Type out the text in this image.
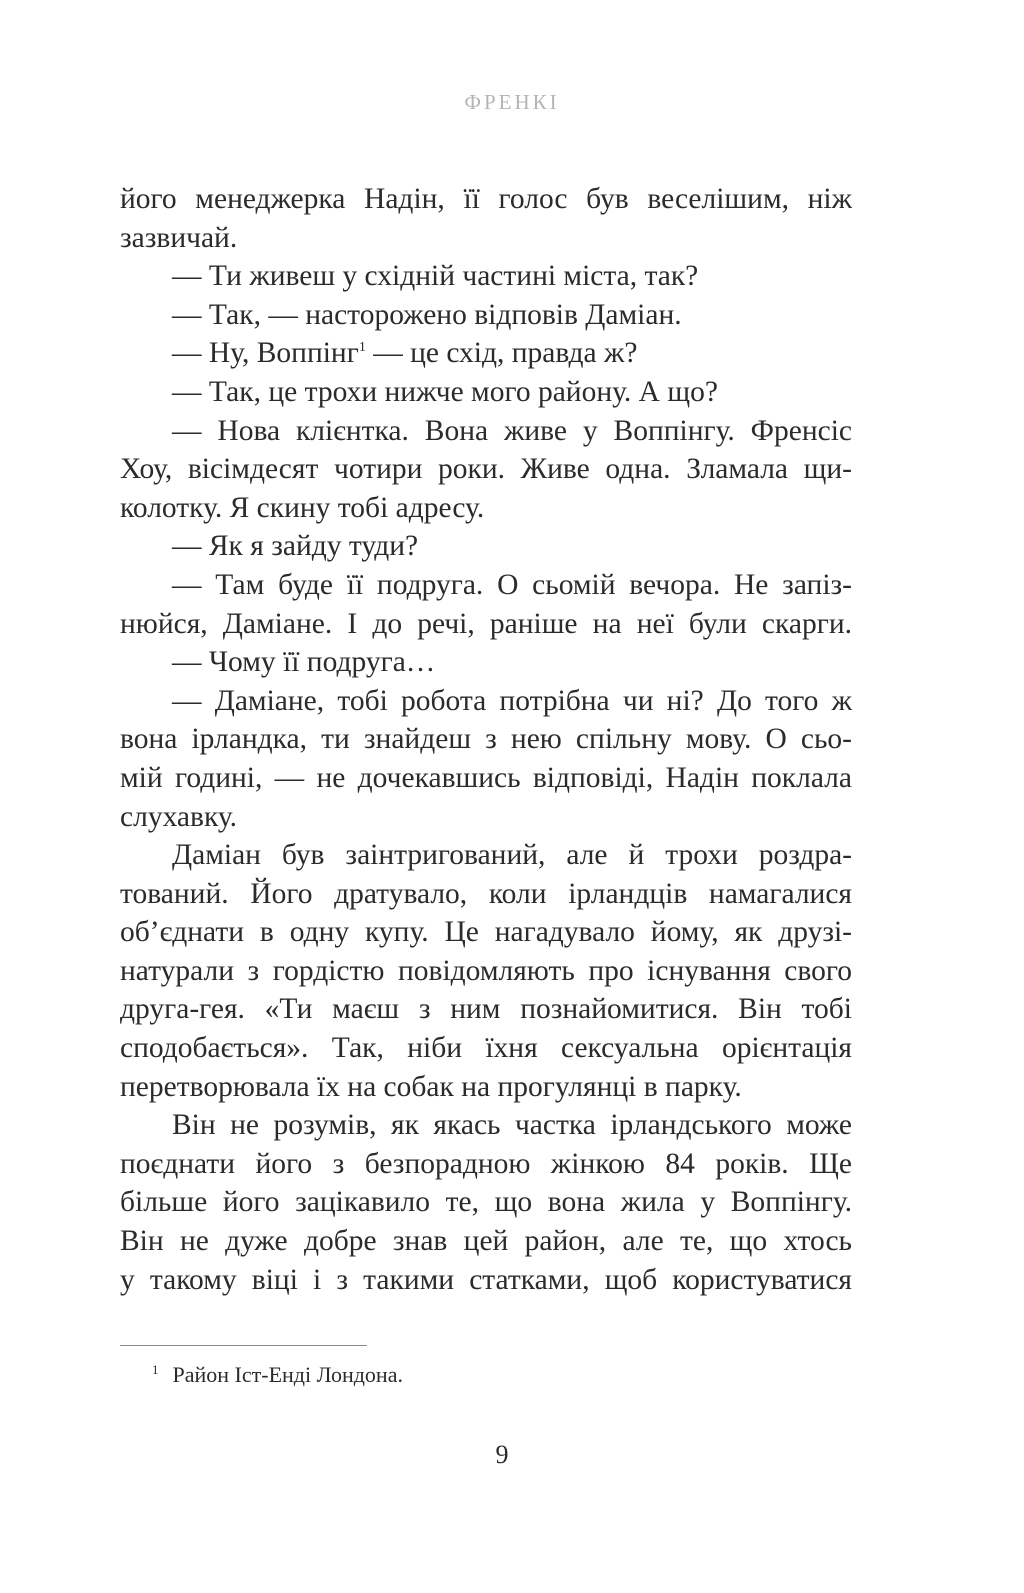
ФРЕНКІ
його менеджерка Надін, її голос був веселішим, ніж
зазвичай.
— Ти живеш у східній частині міста, так?
— Так, — насторожено відповів Даміан.
— Ну, Воппінг$^1$ — це схід, правда ж?
— Так, це трохи нижче мого району. А що?
— Нова клієнтка. Вона живе у Воппінгу. Френсіс
Хоу, вісімдесят чотири роки. Живе одна. Зламала щи-
колотку. Я скину тобі адресу.
— Як я зайду туди?
— Там буде її подруга. О сьомій вечора. Не запіз-
нюйся, Даміане. І до речі, раніше на неї були скарги.
— Чому її подруга…
— Даміане, тобі робота потрібна чи ні? До того ж
вона ірландка, ти знайдеш з нею спільну мову. О сьо-
мій годині, — не дочекавшись відповіді, Надін поклала
слухавку.
Даміан був заінтригований, але й трохи роздра-
тований. Його дратувало, коли ірландців намагалися
об’єднати в одну купу. Це нагадувало йому, як друзі-
натурали з гордістю повідомляють про існування свого
друга-гея. «Ти маєш з ним познайомитися. Він тобі
сподобається». Так, ніби їхня сексуальна орієнтація
перетворювала їх на собак на прогулянці в парку.
Він не розумів, як якась частка ірландського може
поєднати його з безпорадною жінкою 84 років. Ще
більше його зацікавило те, що вона жила у Воппінгу.
Він не дуже добре знав цей район, але те, що хтось
у такому віці і з такими статками, щоб користуватися
$^1$ Район Іст-Енді Лондона.
9
